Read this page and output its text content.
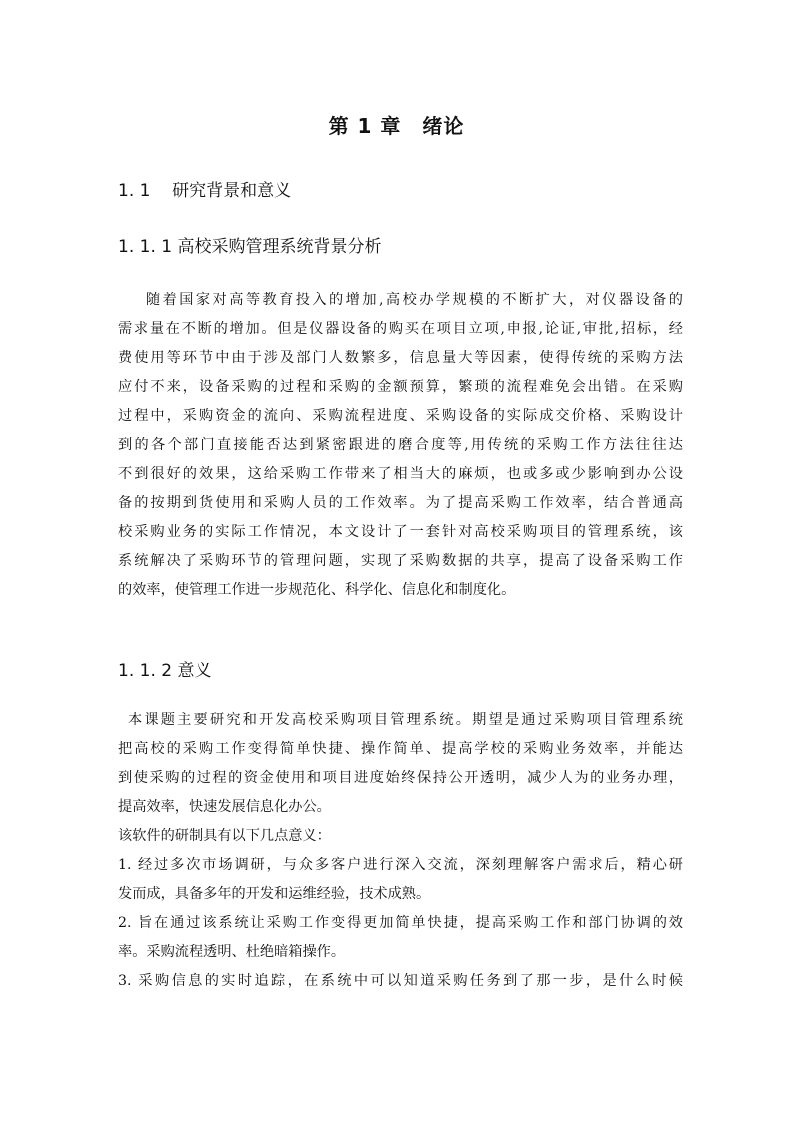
第 1 章　绪论
1. 1 研究背景和意义
1. 1. 1 高校采购管理系统背景分析
随着国家对高等教育投入的增加,高校办学规模的不断扩大，对仪器设备的
需求量在不断的增加。但是仪器设备的购买在项目立项,申报,论证,审批,招标，经
费使用等环节中由于涉及部门人数繁多，信息量大等因素，使得传统的采购方法
应付不来，设备采购的过程和采购的金额预算，繁琐的流程难免会出错。在采购
过程中，采购资金的流向、采购流程进度、采购设备的实际成交价格、采购设计
到的各个部门直接能否达到紧密跟进的磨合度等,用传统的采购工作方法往往达
不到很好的效果，这给采购工作带来了相当大的麻烦，也或多或少影响到办公设
备的按期到货使用和采购人员的工作效率。为了提高采购工作效率，结合普通高
校采购业务的实际工作情况，本文设计了一套针对高校采购项目的管理系统，该
系统解决了采购环节的管理问题，实现了采购数据的共享，提高了设备采购工作
的效率，使管理工作进一步规范化、科学化、信息化和制度化。
1. 1. 2 意义
本课题主要研究和开发高校采购项目管理系统。期望是通过采购项目管理系统
把高校的采购工作变得简单快捷、操作简单、提高学校的采购业务效率，并能达
到使采购的过程的资金使用和项目进度始终保持公开透明，减少人为的业务办理，
提高效率，快速发展信息化办公。
该软件的研制具有以下几点意义：
1. 经过多次市场调研，与众多客户进行深入交流，深刻理解客户需求后，精心研
发而成，具备多年的开发和运维经验，技术成熟。
2. 旨在通过该系统让采购工作变得更加简单快捷，提高采购工作和部门协调的效
率。采购流程透明、杜绝暗箱操作。
3. 采购信息的实时追踪，在系统中可以知道采购任务到了那一步，是什么时候
